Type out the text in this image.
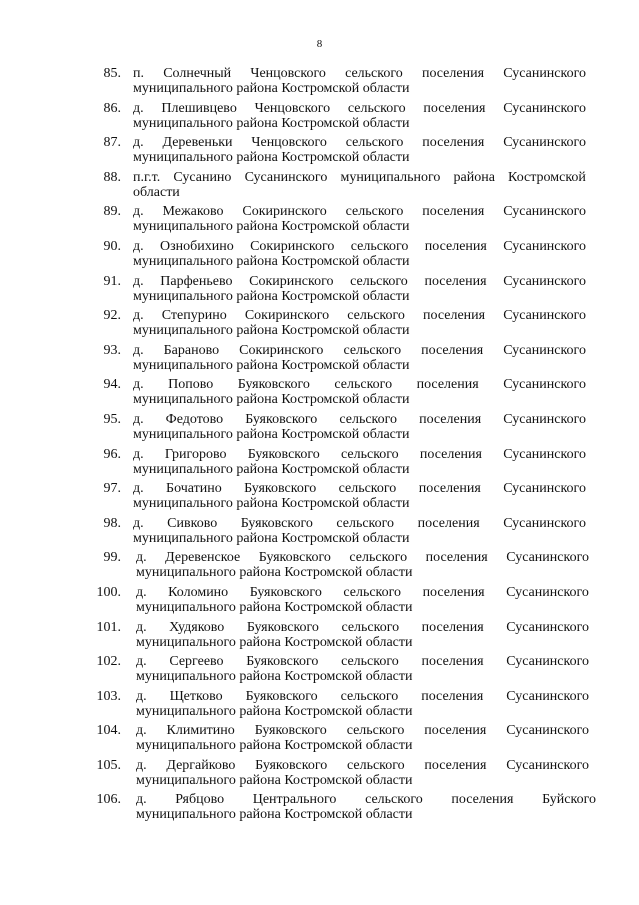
8
85. п. Солнечный Ченцовского сельского поселения Сусанинского
муниципального района Костромской области
86. д. Плешивцево Ченцовского сельского поселения Сусанинского
муниципального района Костромской области
87. д. Деревеньки Ченцовского сельского поселения Сусанинского
муниципального района Костромской области
88. п.г.т. Сусанино Сусанинского муниципального района Костромской
области
89. д. Межаково Сокиринского сельского поселения Сусанинского
муниципального района Костромской области
90. д. Ознобихино Сокиринского сельского поселения Сусанинского
муниципального района Костромской области
91. д. Парфеньево Сокиринского сельского поселения Сусанинского
муниципального района Костромской области
92. д. Степурино Сокиринского сельского поселения Сусанинского
муниципального района Костромской области
93. д. Бараново Сокиринского сельского поселения Сусанинского
муниципального района Костромской области
94. д. Попово Буяковского сельского поселения Сусанинского
муниципального района Костромской области
95. д. Федотово Буяковского сельского поселения Сусанинского
муниципального района Костромской области
96. д. Григорово Буяковского сельского поселения Сусанинского
муниципального района Костромской области
97. д. Бочатино Буяковского сельского поселения Сусанинского
муниципального района Костромской области
98. д. Сивково Буяковского сельского поселения Сусанинского
муниципального района Костромской области
99. д. Деревенское Буяковского сельского поселения Сусанинского
муниципального района Костромской области
100. д. Коломино Буяковского сельского поселения Сусанинского
муниципального района Костромской области
101. д. Худяково Буяковского сельского поселения Сусанинского
муниципального района Костромской области
102. д. Сергеево Буяковского сельского поселения Сусанинского
муниципального района Костромской области
103. д. Щетково Буяковского сельского поселения Сусанинского
муниципального района Костромской области
104. д. Климитино Буяковского сельского поселения Сусанинского
муниципального района Костромской области
105. д. Дергайково Буяковского сельского поселения Сусанинского
муниципального района Костромской области
106. д. Рябцово Центрального сельского поселения Буйского
муниципального района Костромской области
